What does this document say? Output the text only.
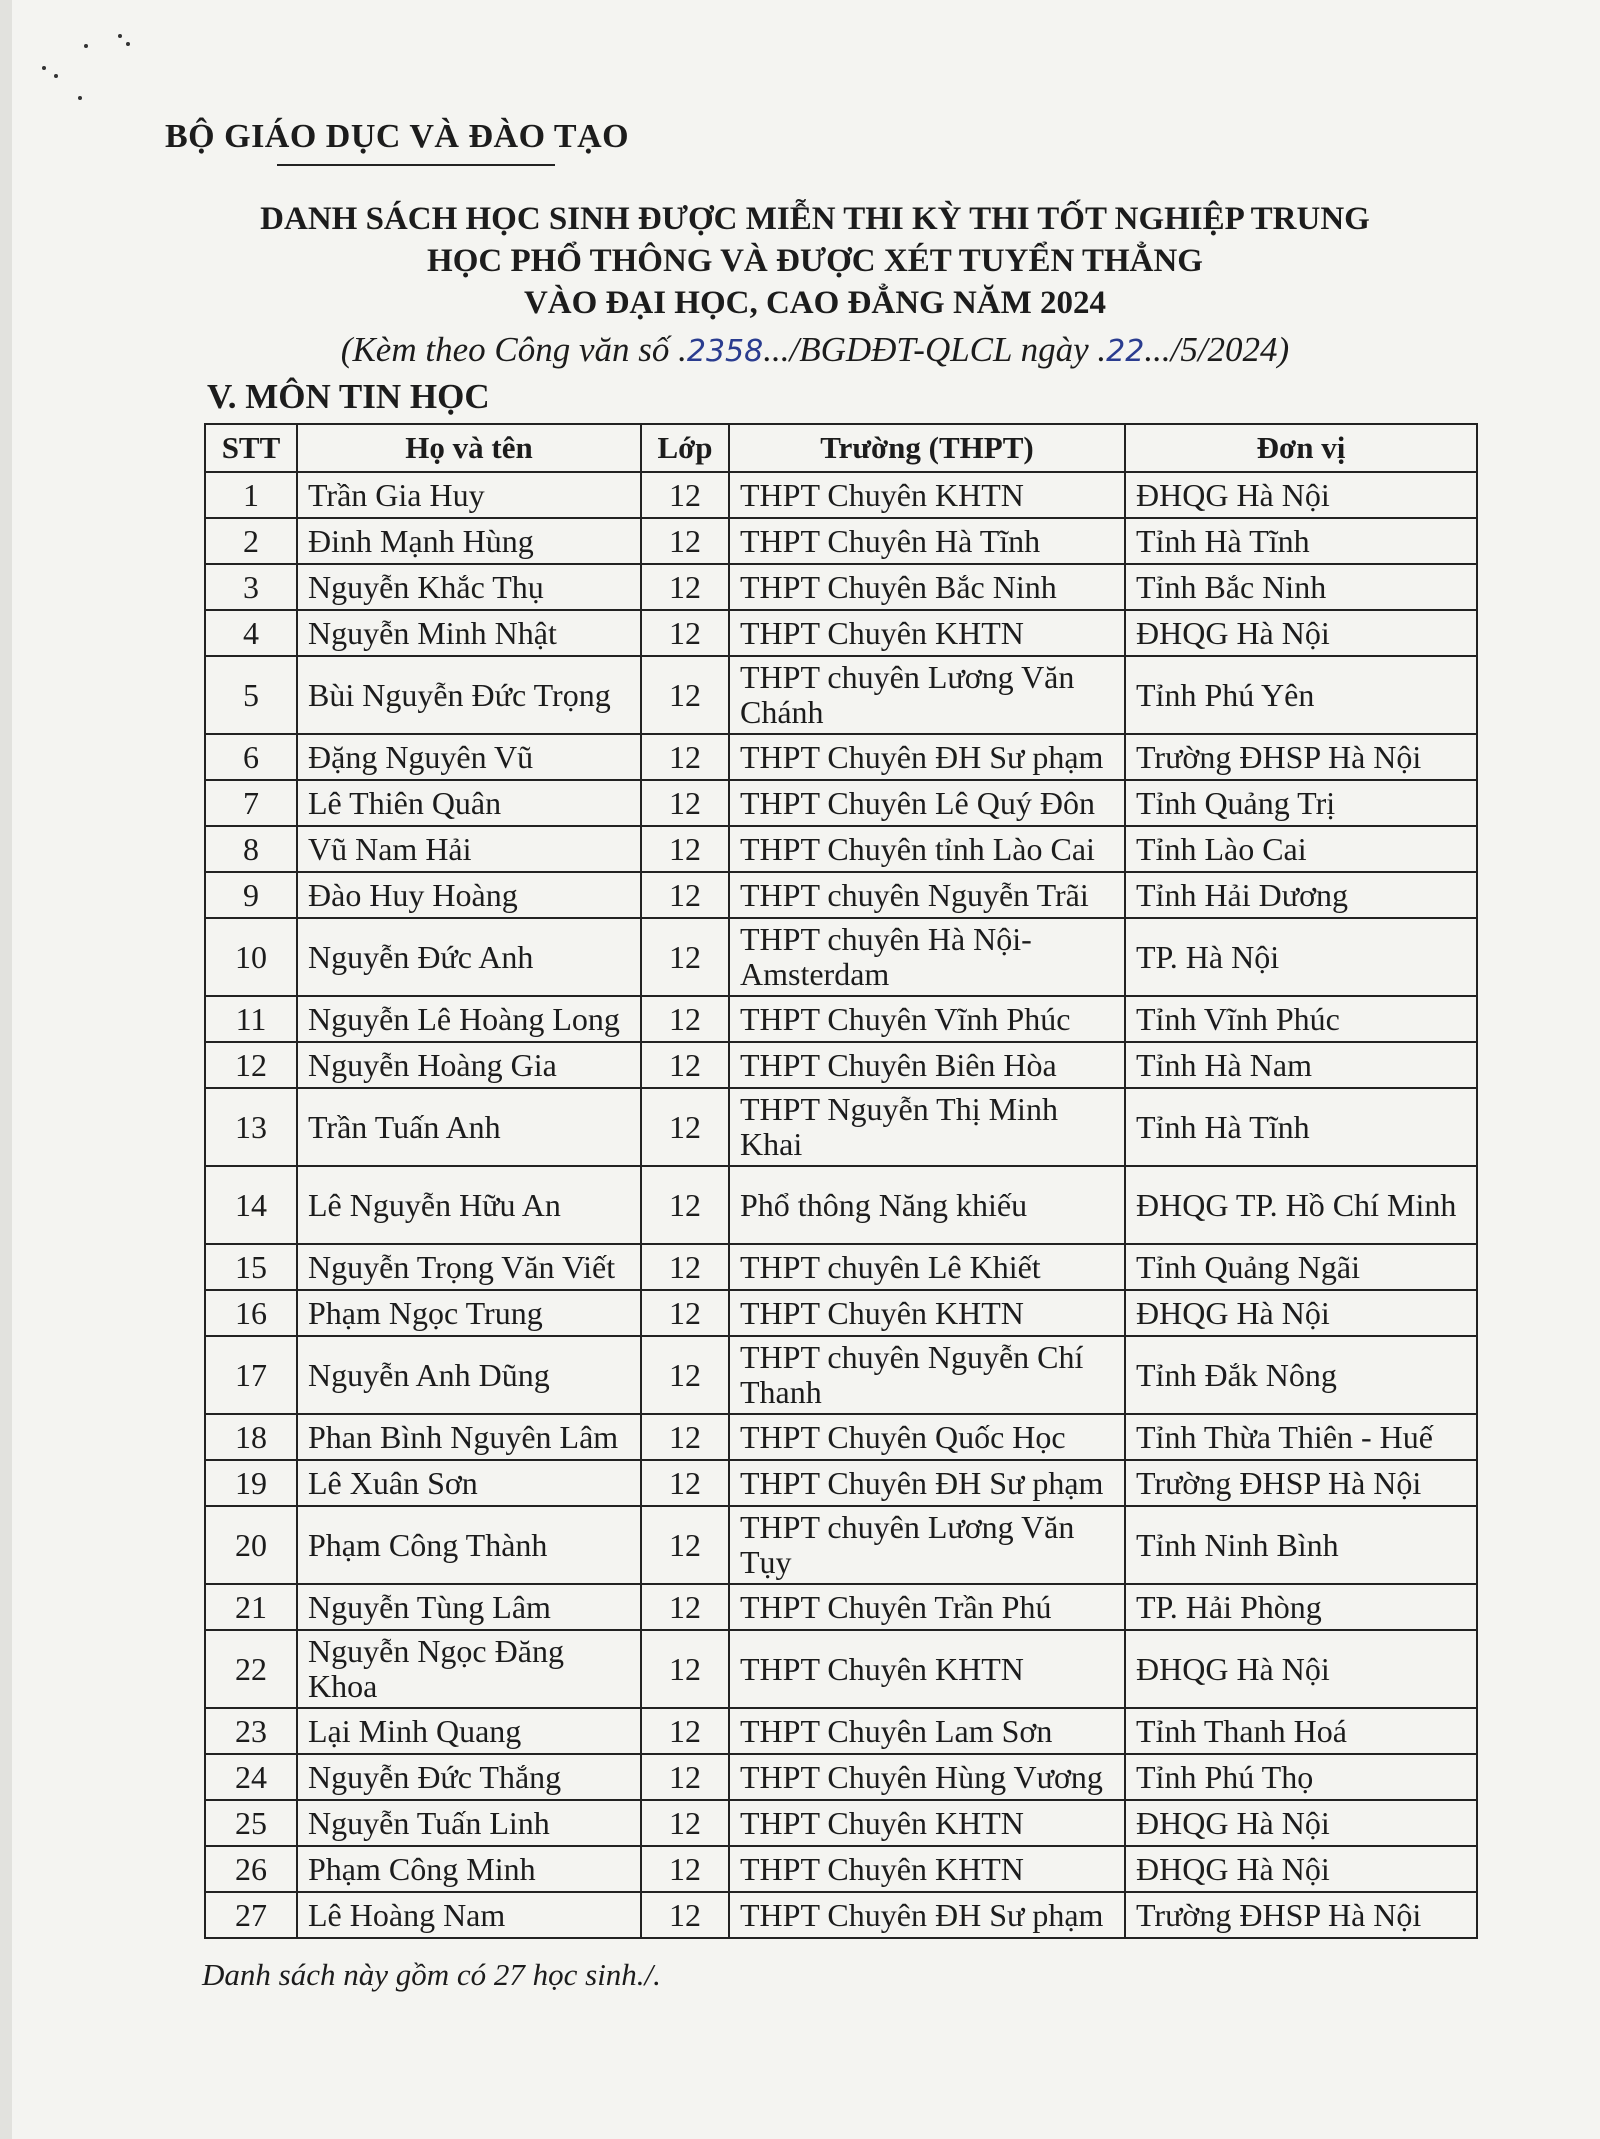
BỘ GIÁO DỤC VÀ ĐÀO TẠO
DANH SÁCH HỌC SINH ĐƯỢC MIỄN THI KỲ THI TỐT NGHIỆP TRUNG
HỌC PHỔ THÔNG VÀ ĐƯỢC XÉT TUYỂN THẲNG
VÀO ĐẠI HỌC, CAO ĐẲNG NĂM 2024
(Kèm theo Công văn số .2358.../BGDĐT-QLCL ngày .22.../5/2024)
V. MÔN TIN HỌC
STT	Họ và tên	Lớp	Trường (THPT)	Đơn vị
1	Trần Gia Huy	12	THPT Chuyên KHTN	ĐHQG Hà Nội
2	Đinh Mạnh Hùng	12	THPT Chuyên Hà Tĩnh	Tỉnh Hà Tĩnh
3	Nguyễn Khắc Thụ	12	THPT Chuyên Bắc Ninh	Tỉnh Bắc Ninh
4	Nguyễn Minh Nhật	12	THPT Chuyên KHTN	ĐHQG Hà Nội
5	Bùi Nguyễn Đức Trọng	12	THPT chuyên Lương Văn Chánh	Tỉnh Phú Yên
6	Đặng Nguyên Vũ	12	THPT Chuyên ĐH Sư phạm	Trường ĐHSP Hà Nội
7	Lê Thiên Quân	12	THPT Chuyên Lê Quý Đôn	Tỉnh Quảng Trị
8	Vũ Nam Hải	12	THPT Chuyên tỉnh Lào Cai	Tỉnh Lào Cai
9	Đào Huy Hoàng	12	THPT chuyên Nguyễn Trãi	Tỉnh Hải Dương
10	Nguyễn Đức Anh	12	THPT chuyên Hà Nội-Amsterdam	TP. Hà Nội
11	Nguyễn Lê Hoàng Long	12	THPT Chuyên Vĩnh Phúc	Tỉnh Vĩnh Phúc
12	Nguyễn Hoàng Gia	12	THPT Chuyên Biên Hòa	Tỉnh Hà Nam
13	Trần Tuấn Anh	12	THPT Nguyễn Thị Minh Khai	Tỉnh Hà Tĩnh
14	Lê Nguyễn Hữu An	12	Phổ thông Năng khiếu	ĐHQG TP. Hồ Chí Minh
15	Nguyễn Trọng Văn Viết	12	THPT chuyên Lê Khiết	Tỉnh Quảng Ngãi
16	Phạm Ngọc Trung	12	THPT Chuyên KHTN	ĐHQG Hà Nội
17	Nguyễn Anh Dũng	12	THPT chuyên Nguyễn Chí Thanh	Tỉnh Đắk Nông
18	Phan Bình Nguyên Lâm	12	THPT Chuyên Quốc Học	Tỉnh Thừa Thiên - Huế
19	Lê Xuân Sơn	12	THPT Chuyên ĐH Sư phạm	Trường ĐHSP Hà Nội
20	Phạm Công Thành	12	THPT chuyên Lương Văn Tụy	Tỉnh Ninh Bình
21	Nguyễn Tùng Lâm	12	THPT Chuyên Trần Phú	TP. Hải Phòng
22	Nguyễn Ngọc Đăng Khoa	12	THPT Chuyên KHTN	ĐHQG Hà Nội
23	Lại Minh Quang	12	THPT Chuyên Lam Sơn	Tỉnh Thanh Hoá
24	Nguyễn Đức Thắng	12	THPT Chuyên Hùng Vương	Tỉnh Phú Thọ
25	Nguyễn Tuấn Linh	12	THPT Chuyên KHTN	ĐHQG Hà Nội
26	Phạm Công Minh	12	THPT Chuyên KHTN	ĐHQG Hà Nội
27	Lê Hoàng Nam	12	THPT Chuyên ĐH Sư phạm	Trường ĐHSP Hà Nội
Danh sách này gồm có 27 học sinh./.
